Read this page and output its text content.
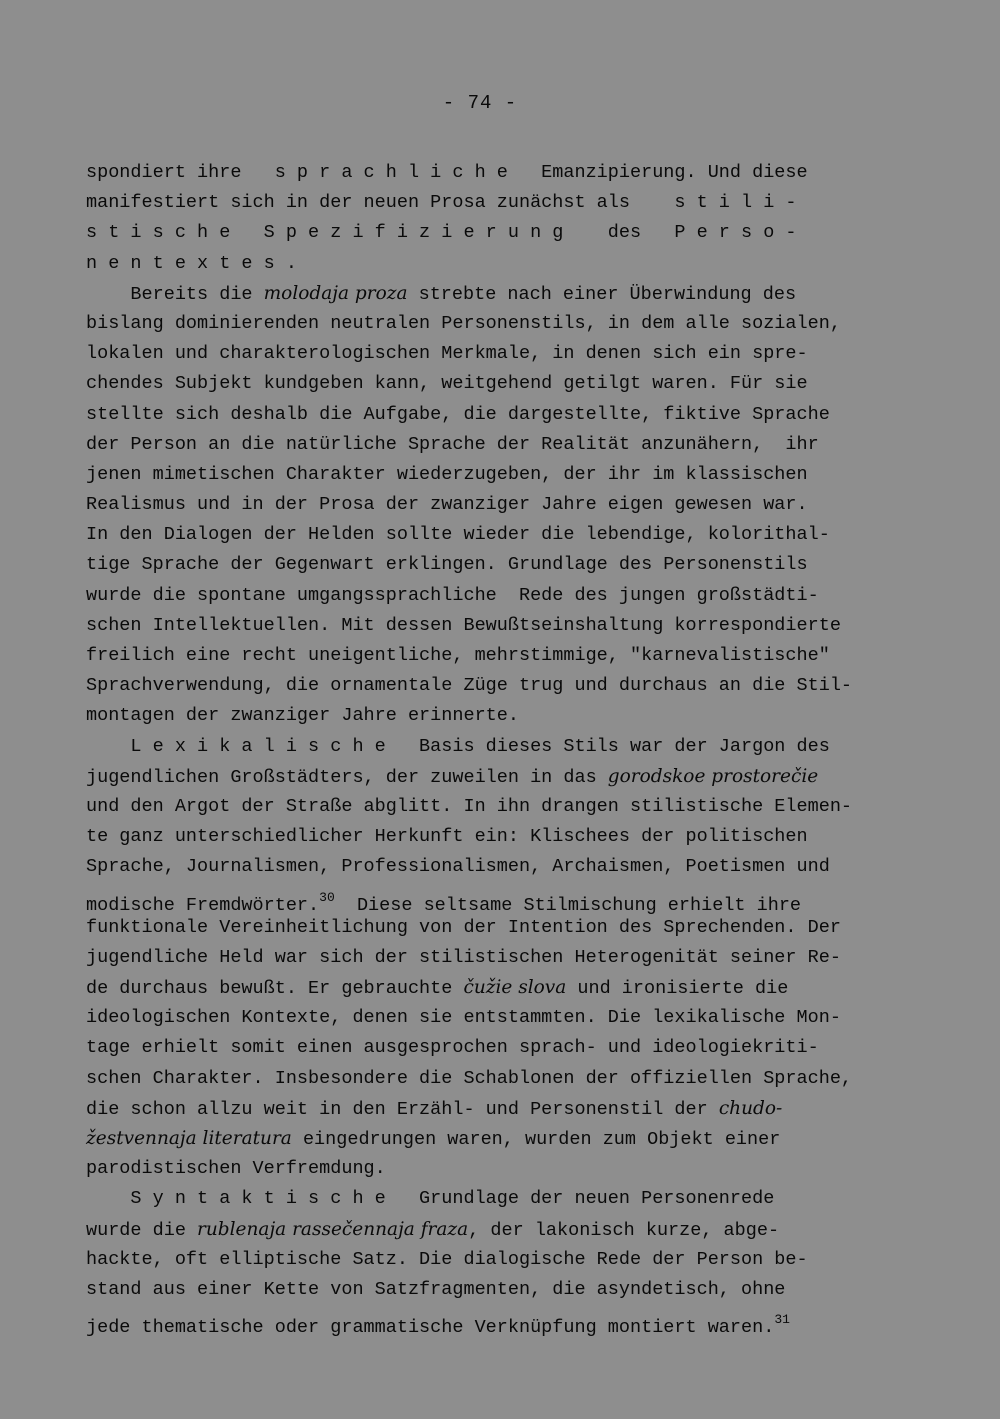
- 74 -
spondiert ihre   s p r a c h l i c h e   Emanzipierung. Und diese
manifestiert sich in der neuen Prosa zunächst als    s t i l i -
s t i s c h e   S p e z i f i z i e r u n g    des   P e r s o -
n e n t e x t e s .
Bereits die molodaja proza strebte nach einer Überwindung des
bislang dominierenden neutralen Personenstils, in dem alle sozialen,
lokalen und charakterologischen Merkmale, in denen sich ein spre-
chendes Subjekt kundgeben kann, weitgehend getilgt waren. Für sie
stellte sich deshalb die Aufgabe, die dargestellte, fiktive Sprache
der Person an die natürliche Sprache der Realität anzunähern,  ihr
jenen mimetischen Charakter wiederzugeben, der ihr im klassischen
Realismus und in der Prosa der zwanziger Jahre eigen gewesen war.
In den Dialogen der Helden sollte wieder die lebendige, kolorithal-
tige Sprache der Gegenwart erklingen. Grundlage des Personenstils
wurde die spontane umgangssprachliche  Rede des jungen großstädti-
schen Intellektuellen. Mit dessen Bewußtseinshaltung korrespondierte
freilich eine recht uneigentliche, mehrstimmige, "karnevalistische"
Sprachverwendung, die ornamentale Züge trug und durchaus an die Stil-
montagen der zwanziger Jahre erinnerte.
L e x i k a l i s c h e   Basis dieses Stils war der Jargon des
jugendlichen Großstädters, der zuweilen in das gorodskoe prostorečie
und den Argot der Straße abglitt. In ihn drangen stilistische Elemen-
te ganz unterschiedlicher Herkunft ein: Klischees der politischen
Sprache, Journalismen, Professionalismen, Archaismen, Poetismen und
modische Fremdwörter.$^{30}$  Diese seltsame Stilmischung erhielt ihre
funktionale Vereinheitlichung von der Intention des Sprechenden. Der
jugendliche Held war sich der stilistischen Heterogenität seiner Re-
de durchaus bewußt. Er gebrauchte čužie slova und ironisierte die
ideologischen Kontexte, denen sie entstammten. Die lexikalische Mon-
tage erhielt somit einen ausgesprochen sprach- und ideologiekriti-
schen Charakter. Insbesondere die Schablonen der offiziellen Sprache,
die schon allzu weit in den Erzähl- und Personenstil der chudo-
žestvennaja literatura eingedrungen waren, wurden zum Objekt einer
parodistischen Verfremdung.
S y n t a k t i s c h e   Grundlage der neuen Personenrede
wurde die rublenaja rassečennaja fraza, der lakonisch kurze, abge-
hackte, oft elliptische Satz. Die dialogische Rede der Person be-
stand aus einer Kette von Satzfragmenten, die asyndetisch, ohne
jede thematische oder grammatische Verknüpfung montiert waren.$^{31}$
